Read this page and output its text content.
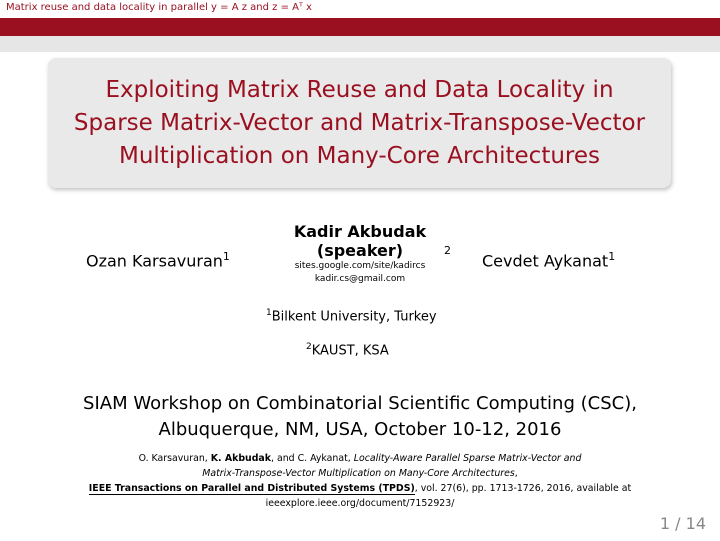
Matrix reuse and data locality in parallel y = A z and z = Aᵀ x
Exploiting Matrix Reuse and Data Locality in
Sparse Matrix-Vector and Matrix-Transpose-Vector
Multiplication on Many-Core Architectures
Ozan Karsavuran$^1$
Kadir Akbudak
(speaker)
sites.google.com/site/kadircs
kadir.cs@gmail.com
2
Cevdet Aykanat$^1$
$^1$Bilkent University, Turkey
$^2$KAUST, KSA
SIAM Workshop on Combinatorial Scientific Computing (CSC),
Albuquerque, NM, USA, October 10-12, 2016
O. Karsavuran, K. Akbudak, and C. Aykanat, Locality-Aware Parallel Sparse Matrix-Vector and
Matrix-Transpose-Vector Multiplication on Many-Core Architectures,
IEEE Transactions on Parallel and Distributed Systems (TPDS), vol. 27(6), pp. 1713-1726, 2016, available at
ieeexplore.ieee.org/document/7152923/
1 / 14
